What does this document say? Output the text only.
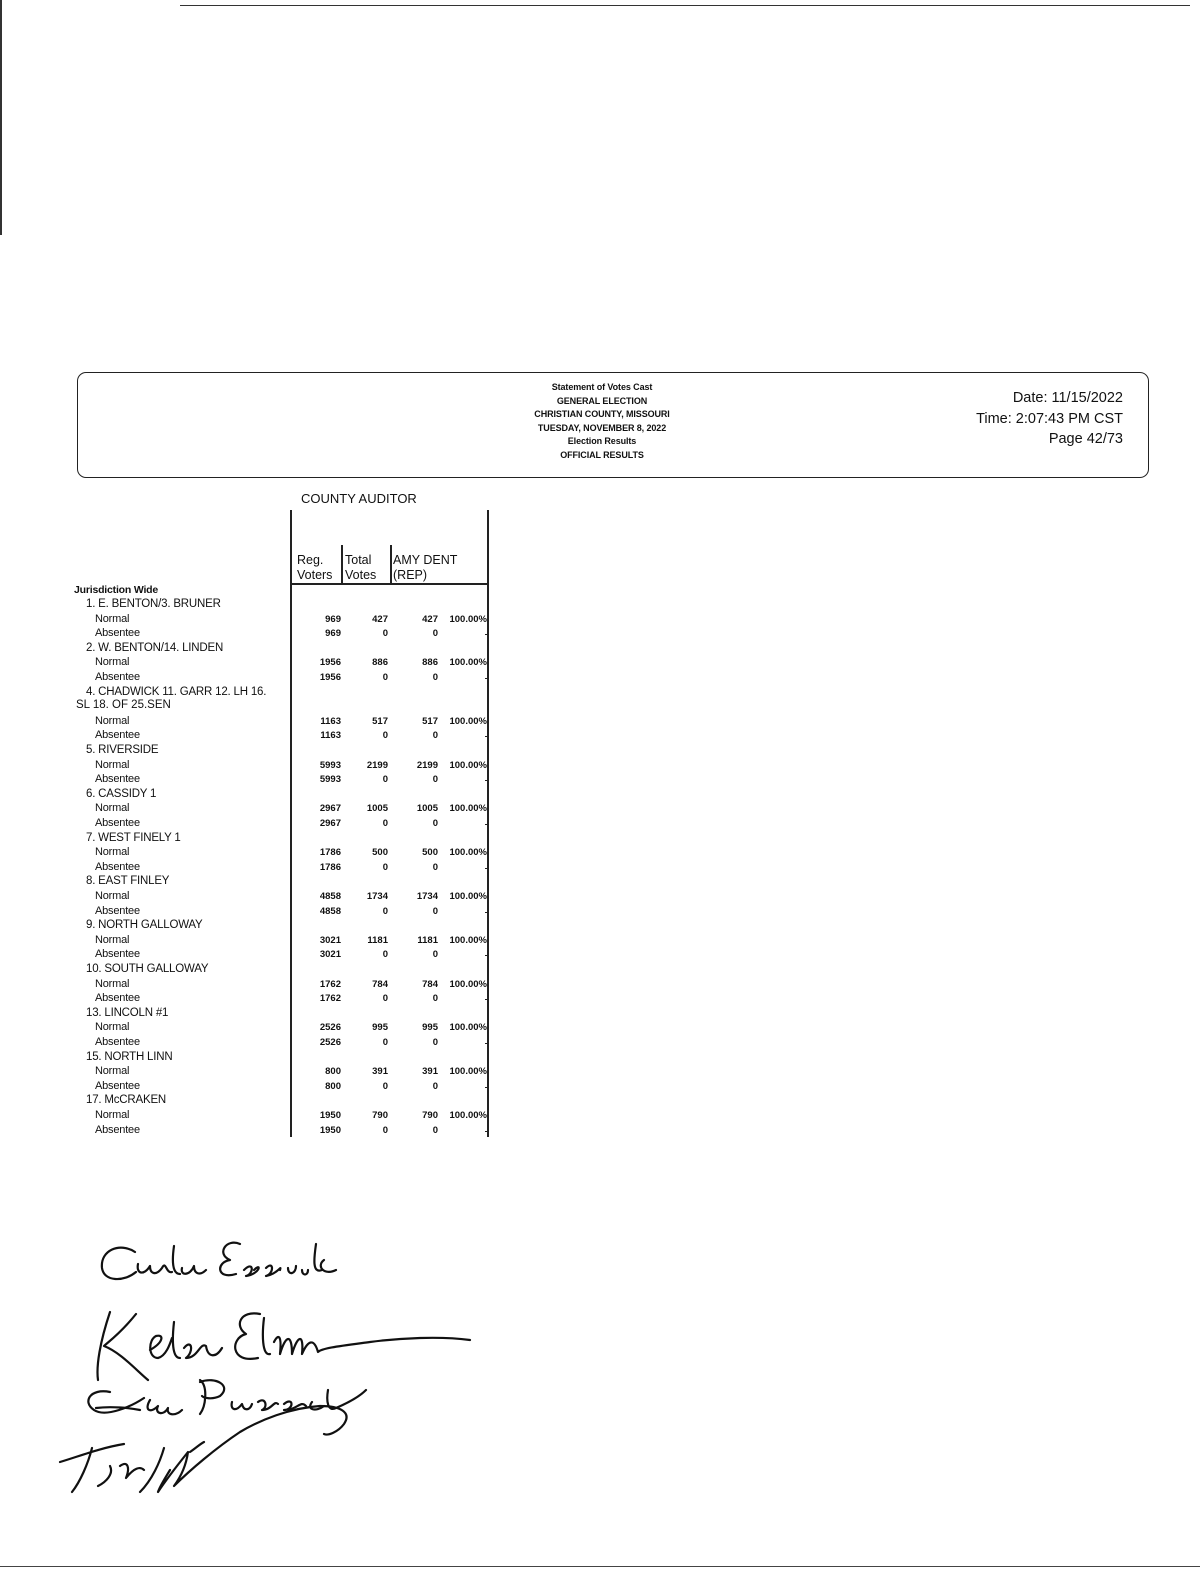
Statement of Votes Cast
GENERAL ELECTION
CHRISTIAN COUNTY, MISSOURI
TUESDAY, NOVEMBER 8, 2022
Election Results
OFFICIAL RESULTS
Date: 11/15/2022
Time: 2:07:43 PM CST
Page 42/73
COUNTY AUDITOR
Reg.
Voters
Total
Votes
AMY DENT
(REP)
Jurisdiction Wide
1. E. BENTON/3. BRUNER
Normal	969	427	427	100.00%
Absentee	969	0	0
2. W. BENTON/14. LINDEN
Normal	1956	886	886	100.00%
Absentee	1956	0	0
4. CHADWICK 11. GARR 12. LH 16.
SL 18. OF 25.SEN
Normal	1163	517	517	100.00%
Absentee	1163	0	0
5. RIVERSIDE
Normal	5993	2199	2199	100.00%
Absentee	5993	0	0
6. CASSIDY 1
Normal	2967	1005	1005	100.00%
Absentee	2967	0	0
7. WEST FINELY 1
Normal	1786	500	500	100.00%
Absentee	1786	0	0
8. EAST FINLEY
Normal	4858	1734	1734	100.00%
Absentee	4858	0	0
9. NORTH GALLOWAY
Normal	3021	1181	1181	100.00%
Absentee	3021	0	0
10. SOUTH GALLOWAY
Normal	1762	784	784	100.00%
Absentee	1762	0	0
13. LINCOLN #1
Normal	2526	995	995	100.00%
Absentee	2526	0	0
15. NORTH LINN
Normal	800	391	391	100.00%
Absentee	800	0	0
17. McCRAKEN
Normal	1950	790	790	100.00%
Absentee	1950	0	0
